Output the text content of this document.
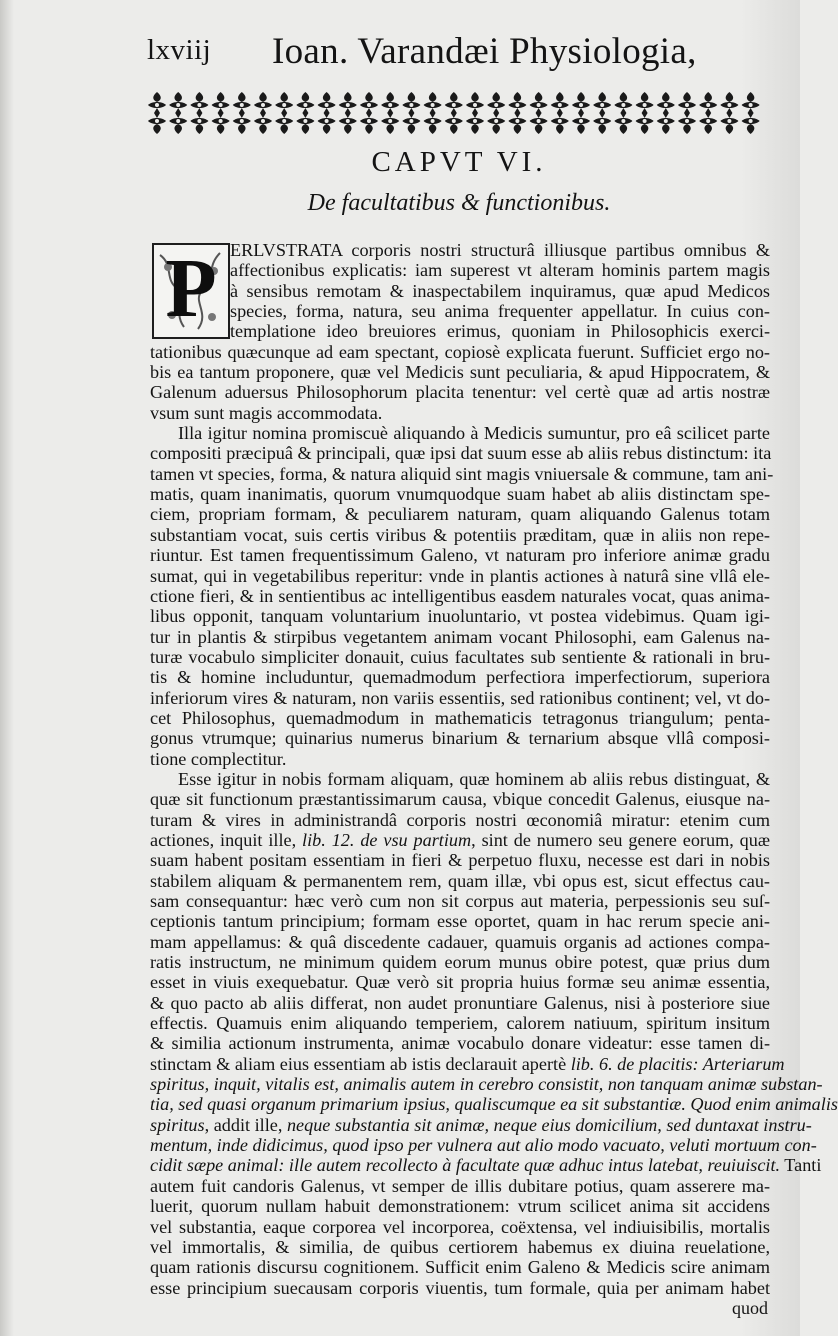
lxviij Ioan. Varandæi Physiologia,
CAPVT VI.
De facultatibus & functionibus.
P ERLVSTRATA corporis nostri structurâ illiusque partibus omnibus &
affectionibus explicatis: iam superest vt alteram hominis partem magis
à sensibus remotam & inaspectabilem inquiramus, quæ apud Medicos
species, forma, natura, seu anima frequenter appellatur. In cuius con-
templatione ideo breuiores erimus, quoniam in Philosophicis exerci-
tationibus quæcunque ad eam spectant, copiosè explicata fuerunt. Sufficiet ergo no-
bis ea tantum proponere, quæ vel Medicis sunt peculiaria, & apud Hippocratem, &
Galenum aduersus Philosophorum placita tenentur: vel certè quæ ad artis nostræ
vsum sunt magis accommodata.
Illa igitur nomina promiscuè aliquando à Medicis sumuntur, pro eâ scilicet parte
compositi præcipuâ & principali, quæ ipsi dat suum esse ab aliis rebus distinctum: ita
tamen vt species, forma, & natura aliquid sint magis vniuersale & commune, tam ani-
matis, quam inanimatis, quorum vnumquodque suam habet ab aliis distinctam spe-
ciem, propriam formam, & peculiarem naturam, quam aliquando Galenus totam
substantiam vocat, suis certis viribus & potentiis præditam, quæ in aliis non repe-
riuntur. Est tamen frequentissimum Galeno, vt naturam pro inferiore animæ gradu
sumat, qui in vegetabilibus reperitur: vnde in plantis actiones à naturâ sine vllâ ele-
ctione fieri, & in sentientibus ac intelligentibus easdem naturales vocat, quas anima-
libus opponit, tanquam voluntarium inuoluntario, vt postea videbimus. Quam igi-
tur in plantis & stirpibus vegetantem animam vocant Philosophi, eam Galenus na-
turæ vocabulo simpliciter donauit, cuius facultates sub sentiente & rationali in bru-
tis & homine includuntur, quemadmodum perfectiora imperfectiorum, superiora
inferiorum vires & naturam, non variis essentiis, sed rationibus continent; vel, vt do-
cet Philosophus, quemadmodum in mathematicis tetragonus triangulum; penta-
gonus vtrumque; quinarius numerus binarium & ternarium absque vllâ composi-
tione complectitur.
Esse igitur in nobis formam aliquam, quæ hominem ab aliis rebus distinguat, &
quæ sit functionum præstantissimarum causa, vbique concedit Galenus, eiusque na-
turam & vires in administrandâ corporis nostri œconomiâ miratur: etenim cum
actiones, inquit ille, lib. 12. de vsu partium, sint de numero seu genere eorum, quæ
suam habent positam essentiam in fieri & perpetuo fluxu, necesse est dari in nobis
stabilem aliquam & permanentem rem, quam illæ, vbi opus est, sicut effectus cau-
sam consequantur: hæc verò cum non sit corpus aut materia, perpessionis seu suſ-
ceptionis tantum principium; formam esse oportet, quam in hac rerum specie ani-
mam appellamus: & quâ discedente cadauer, quamuis organis ad actiones compa-
ratis instructum, ne minimum quidem eorum munus obire potest, quæ prius dum
esset in viuis exequebatur. Quæ verò sit propria huius formæ seu animæ essentia,
& quo pacto ab aliis differat, non audet pronuntiare Galenus, nisi à posteriore siue
effectis. Quamuis enim aliquando temperiem, calorem natiuum, spiritum insitum
& similia actionum instrumenta, animæ vocabulo donare videatur: esse tamen di-
stinctam & aliam eius essentiam ab istis declarauit apertè lib. 6. de placitis: Arteriarum
spiritus, inquit, vitalis est, animalis autem in cerebro consistit, non tanquam animæ substan-
tia, sed quasi organum primarium ipsius, qualiscumque ea sit substantiæ. Quod enim animalis
spiritus, addit ille, neque substantia sit animæ, neque eius domicilium, sed duntaxat instru-
mentum, inde didicimus, quod ipso per vulnera aut alio modo vacuato, veluti mortuum con-
cidit sæpe animal: ille autem recollecto à facultate quæ adhuc intus latebat, reuiuiscit. Tanti
autem fuit candoris Galenus, vt semper de illis dubitare potius, quam asserere ma-
luerit, quorum nullam habuit demonstrationem: vtrum scilicet anima sit accidens
vel substantia, eaque corporea vel incorporea, coëxtensa, vel indiuisibilis, mortalis
vel immortalis, & similia, de quibus certiorem habemus ex diuina reuelatione,
quam rationis discursu cognitionem. Sufficit enim Galeno & Medicis scire animam
esse principium suecausam corporis viuentis, tum formale, quia per animam habet
quod
